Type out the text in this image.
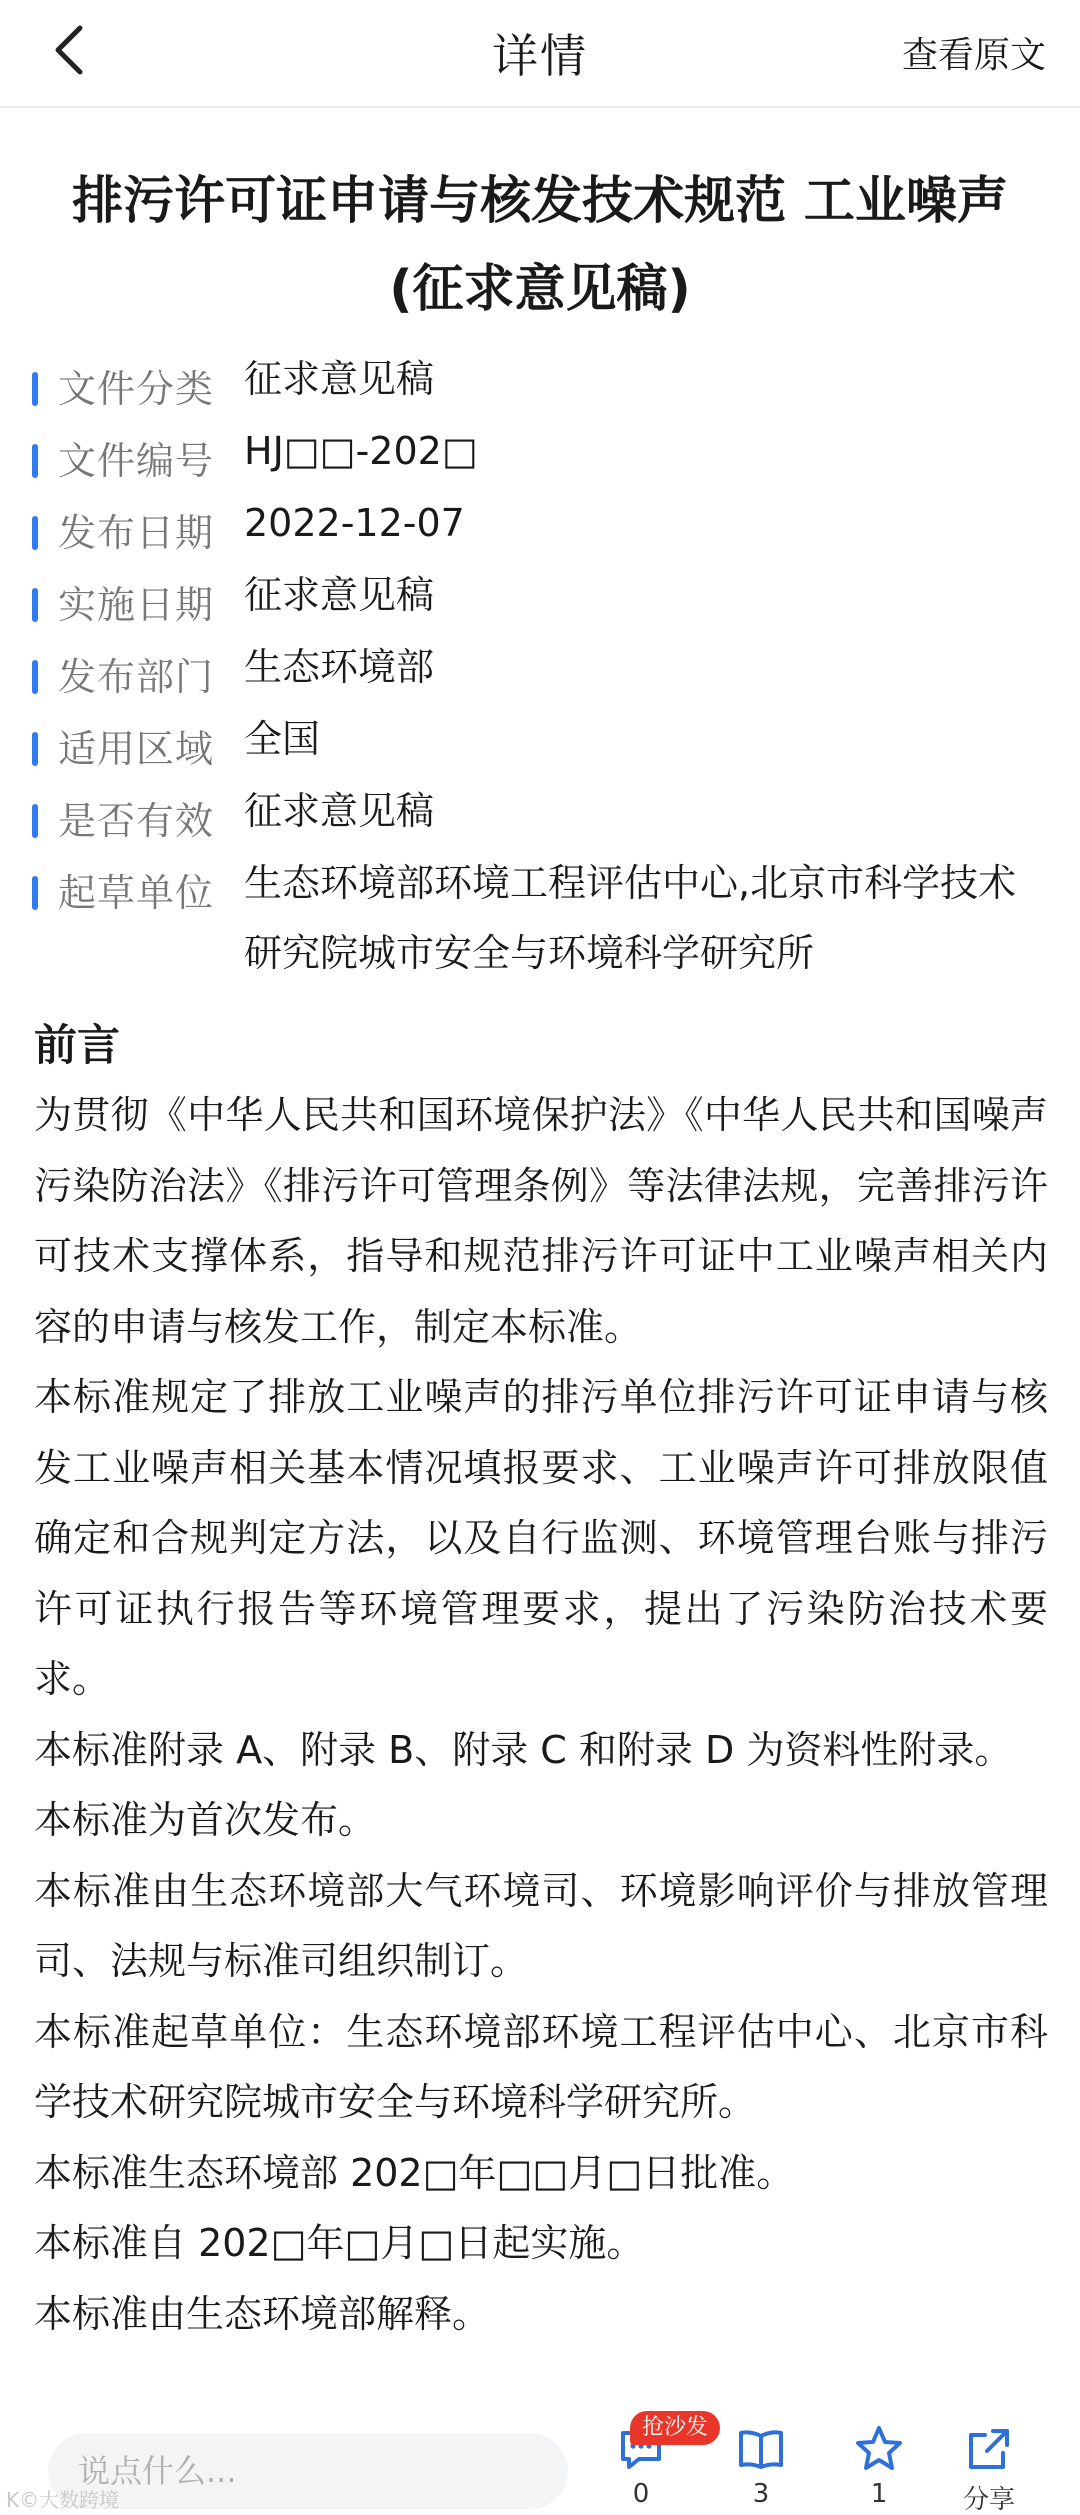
详情	查看原文
排污许可证申请与核发技术规范 工业噪声
(征求意见稿)
文件分类 征求意见稿
文件编号 HJ□□-202□
发布日期 2022-12-07
实施日期 征求意见稿
发布部门 生态环境部
适用区域 全国
是否有效 征求意见稿
起草单位 生态环境部环境工程评估中心,北京市科学技术研究院城市安全与环境科学研究所
前言

为贯彻《中华人民共和国环境保护法》《中华人民共和国噪声污染防治法》《排污许可管理条例》等法律法规，完善排污许可技术支撑体系，指导和规范排污许可证中工业噪声相关内容的申请与核发工作，制定本标准。

本标准规定了排放工业噪声的排污单位排污许可证申请与核发工业噪声相关基本情况填报要求、工业噪声许可排放限值确定和合规判定方法，以及自行监测、环境管理台账与排污许可证执行报告等环境管理要求，提出了污染防治技术要求。

本标准附录 A、附录 B、附录 C 和附录 D 为资料性附录。

本标准为首次发布。

本标准由生态环境部大气环境司、环境影响评价与排放管理司、法规与标准司组织制订。

本标准起草单位：生态环境部环境工程评估中心、北京市科学技术研究院城市安全与环境科学研究所。

本标准生态环境部 202□年□□月□日批准。

本标准自 202□年□月□日起实施。

本标准由生态环境部解释。

说点什么...
0
抢沙发
3	1	分享
K©大数跨境
